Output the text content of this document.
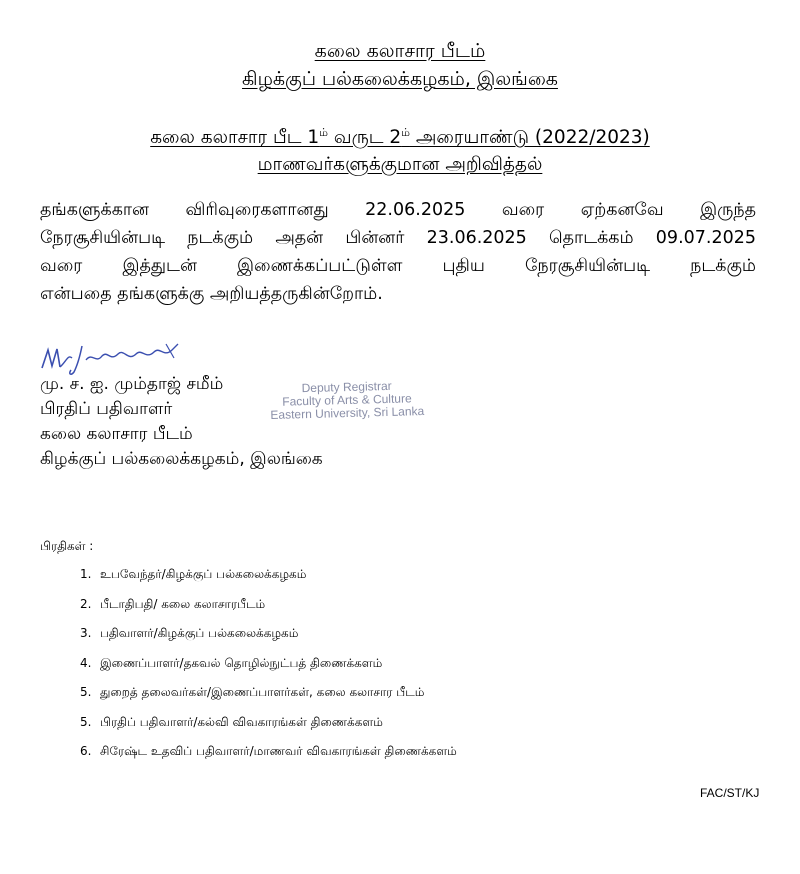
கலை கலாசார பீடம்
கிழக்குப் பல்கலைக்கழகம், இலங்கை
கலை கலாசார பீட $1^{ம்}$ வருட $2^{ம்}$ அரையாண்டு (2022/2023)
மாணவர்களுக்குமான அறிவித்தல்
தங்களுக்கான விரிவுரைகளானது 22.06.2025 வரை ஏற்கனவே இருந்த
நேரசூசியின்படி நடக்கும் அதன் பின்னர் 23.06.2025 தொடக்கம் 09.07.2025
வரை இத்துடன் இணைக்கப்பட்டுள்ள புதிய நேரசூசியின்படி நடக்கும்
என்பதை தங்களுக்கு அறியத்தருகின்றோம்.
மு. ச. ஐ. மும்தாஜ் சமீம்
பிரதிப் பதிவாளர்
கலை கலாசார பீடம்
கிழக்குப் பல்கலைக்கழகம், இலங்கை
Deputy Registrar
Faculty of Arts & Culture
Eastern University, Sri Lanka
பிரதிகள் :
1. உபவேந்தர்/கிழக்குப் பல்கலைக்கழகம்
2. பீடாதிபதி/ கலை கலாசாரபீடம்
3. பதிவாளர்/கிழக்குப் பல்கலைக்கழகம்
4. இணைப்பாளர்/தகவல் தொழில்நுட்பத் திணைக்களம்
5. துறைத் தலைவர்கள்/இணைப்பாளர்கள், கலை கலாசார பீடம்
5. பிரதிப் பதிவாளர்/கல்வி விவகாரங்கள் திணைக்களம்
6. சிரேஷ்ட உதவிப் பதிவாளர்/மாணவர் விவகாரங்கள் திணைக்களம்
FAC/ST/KJ
